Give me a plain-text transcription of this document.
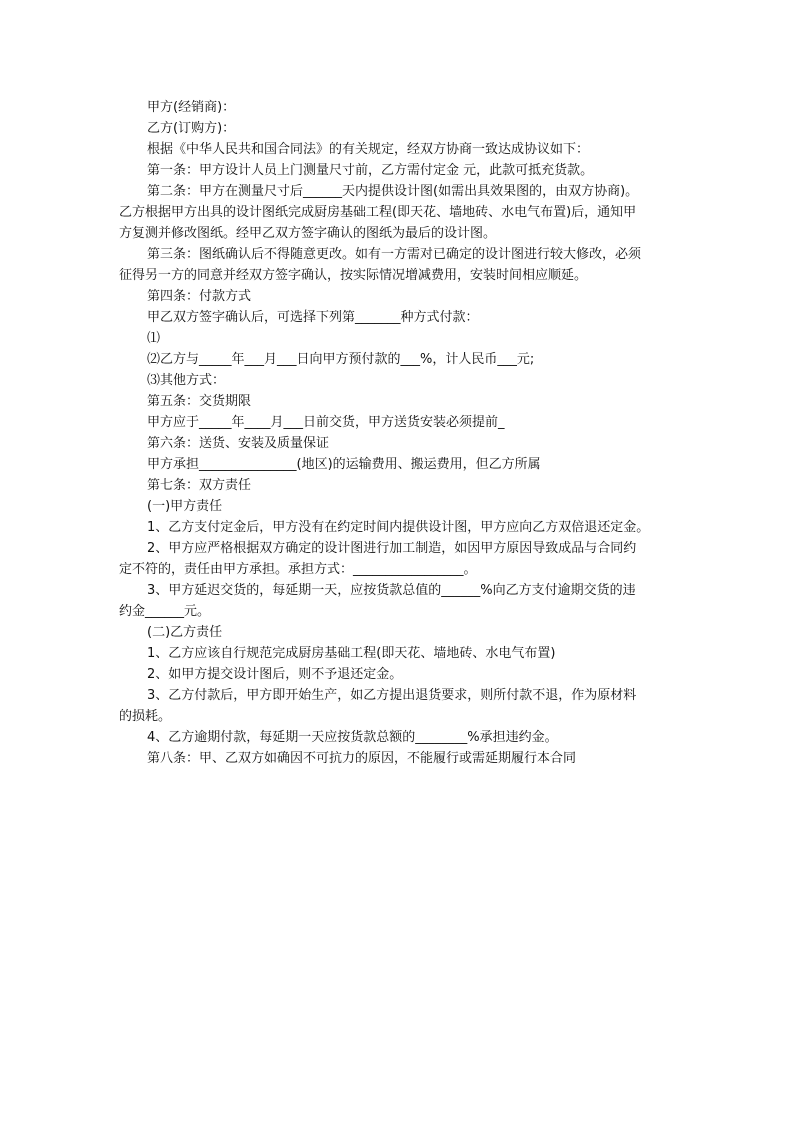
甲方(经销商)：
乙方(订购方)：
根据《中华人民共和国合同法》的有关规定，经双方协商一致达成协议如下：
第一条：甲方设计人员上门测量尺寸前，乙方需付定金 元，此款可抵充货款。
第二条：甲方在测量尺寸后______天内提供设计图(如需出具效果图的，由双方协商)。
乙方根据甲方出具的设计图纸完成厨房基础工程(即天花、墙地砖、水电气布置)后，通知甲
方复测并修改图纸。经甲乙双方签字确认的图纸为最后的设计图。
第三条：图纸确认后不得随意更改。如有一方需对已确定的设计图进行较大修改，必须
征得另一方的同意并经双方签字确认，按实际情况增减费用，安装时间相应顺延。
第四条：付款方式
甲乙双方签字确认后，可选择下列第_______种方式付款：
⑴
⑵乙方与_____年___月___日向甲方预付款的___%，计人民币___元;
⑶其他方式：
第五条：交货期限
甲方应于_____年____月___日前交货，甲方送货安装必须提前_
第六条：送货、安装及质量保证
甲方承担_______________(地区)的运输费用、搬运费用，但乙方所属
第七条：双方责任
(一)甲方责任
1、乙方支付定金后，甲方没有在约定时间内提供设计图，甲方应向乙方双倍退还定金。
2、甲方应严格根据双方确定的设计图进行加工制造，如因甲方原因导致成品与合同约
定不符的，责任由甲方承担。承担方式：_________________。
3、甲方延迟交货的，每延期一天，应按货款总值的______%向乙方支付逾期交货的违
约金______元。
(二)乙方责任
1、乙方应该自行规范完成厨房基础工程(即天花、墙地砖、水电气布置)
2、如甲方提交设计图后，则不予退还定金。
3、乙方付款后，甲方即开始生产，如乙方提出退货要求，则所付款不退，作为原材料
的损耗。
4、乙方逾期付款，每延期一天应按货款总额的________%承担违约金。
第八条：甲、乙双方如确因不可抗力的原因，不能履行或需延期履行本合同
